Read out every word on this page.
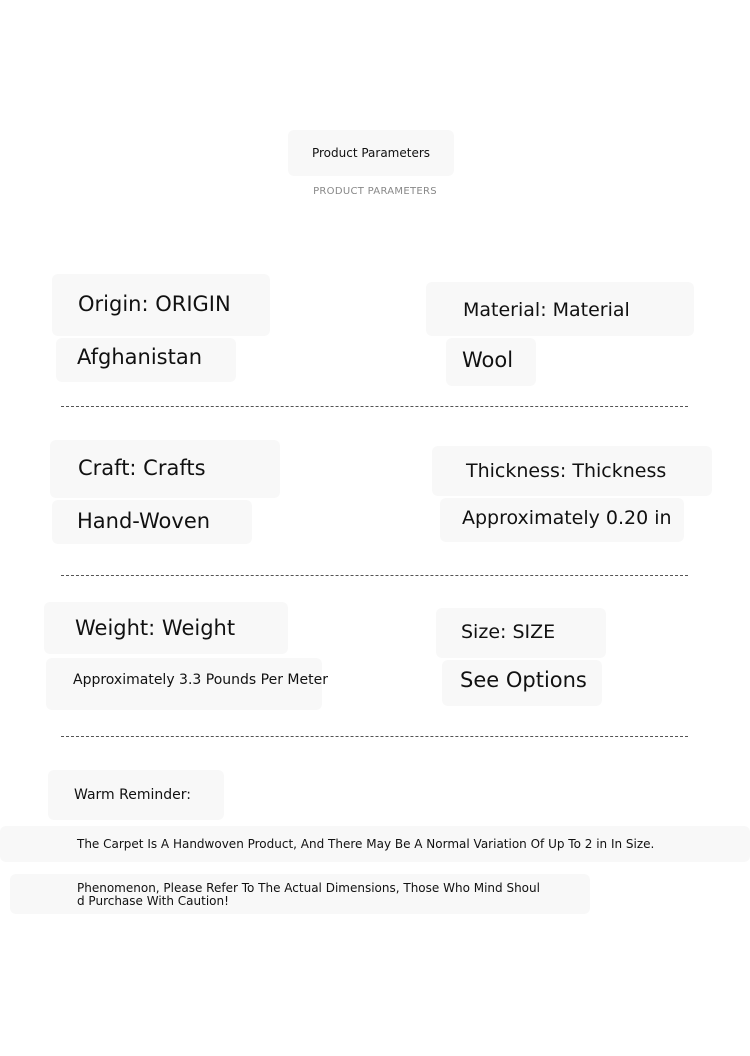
Product Parameters
PRODUCT PARAMETERS
Origin: ORIGIN
Afghanistan
Material: Material
Wool
Craft: Crafts
Hand-Woven
Thickness: Thickness
Approximately 0.20 in
Weight: Weight
Approximately 3.3 Pounds Per Meter
Size: SIZE
See Options
Warm Reminder:
The Carpet Is A Handwoven Product, And There May Be A Normal Variation Of Up To 2 in In Size.
Phenomenon, Please Refer To The Actual Dimensions, Those Who Mind Shoul
d Purchase With Caution!
